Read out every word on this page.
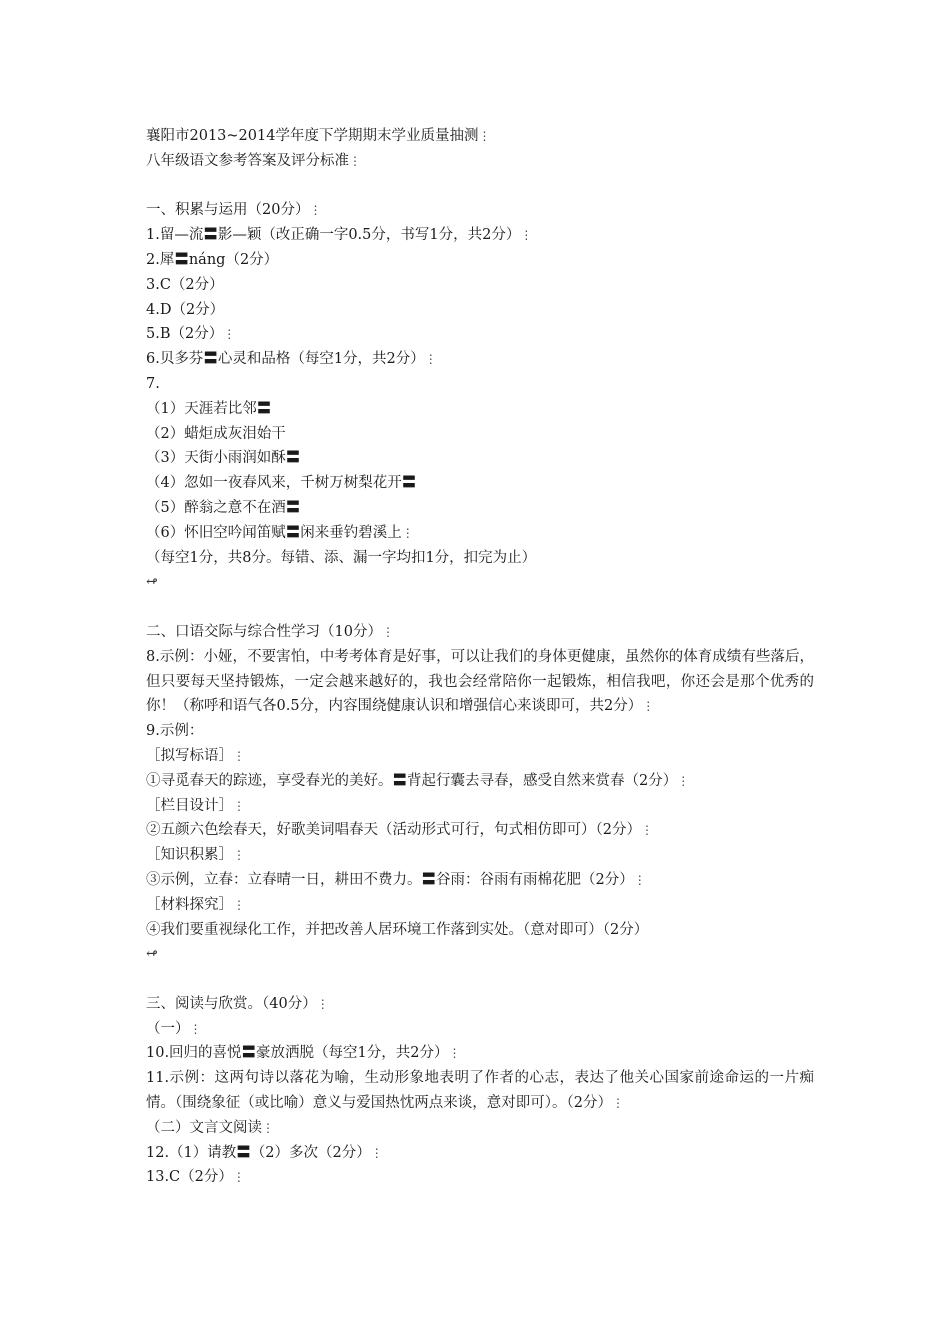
襄阳市2013~2014学年度下学期期末学业质量抽测⋮
八年级语文参考答案及评分标准⋮
一、积累与运用（20分）⋮
1.留—流〓影—颖（改正确一字0.5分，书写1分，共2分）⋮
2.犀〓náng（2分）
3.C（2分）
4.D（2分）
5.B（2分）⋮
6.贝多芬〓心灵和品格（每空1分，共2分）⋮
7.
（1）天涯若比邻〓
（2）蜡炬成灰泪始干
（3）天街小雨润如酥〓
（4）忽如一夜春风来，千树万树梨花开〓
（5）醉翁之意不在酒〓
（6）怀旧空吟闻笛赋〓闲来垂钓碧溪上⋮
（每空1分，共8分。每错、添、漏一字均扣1分，扣完为止）
↫
二、口语交际与综合性学习（10分）⋮
8.示例：小娅，不要害怕，中考考体育是好事，可以让我们的身体更健康，虽然你的体育成绩有些落后，但只要每天坚持锻炼，一定会越来越好的，我也会经常陪你一起锻炼，相信我吧，你还会是那个优秀的你！（称呼和语气各0.5分，内容围绕健康认识和增强信心来谈即可，共2分）⋮
9.示例：
［拟写标语］⋮
①寻觅春天的踪迹，享受春光的美好。〓背起行囊去寻春，感受自然来赏春（2分）⋮
［栏目设计］⋮
②五颜六色绘春天，好歌美词唱春天（活动形式可行，句式相仿即可）（2分）⋮
［知识积累］⋮
③示例，立春：立春晴一日，耕田不费力。〓谷雨：谷雨有雨棉花肥（2分）⋮
［材料探究］⋮
④我们要重视绿化工作，并把改善人居环境工作落到实处。（意对即可）（2分）
↫
三、阅读与欣赏。（40分）⋮
（一）⋮
10.回归的喜悦〓豪放洒脱（每空1分，共2分）⋮
11.示例：这两句诗以落花为喻，生动形象地表明了作者的心志，表达了他关心国家前途命运的一片痴情。（围绕象征（或比喻）意义与爱国热忱两点来谈，意对即可）。（2分）⋮
（二）文言文阅读⋮
12.（1）请教〓（2）多次（2分）⋮
13.C（2分）⋮
